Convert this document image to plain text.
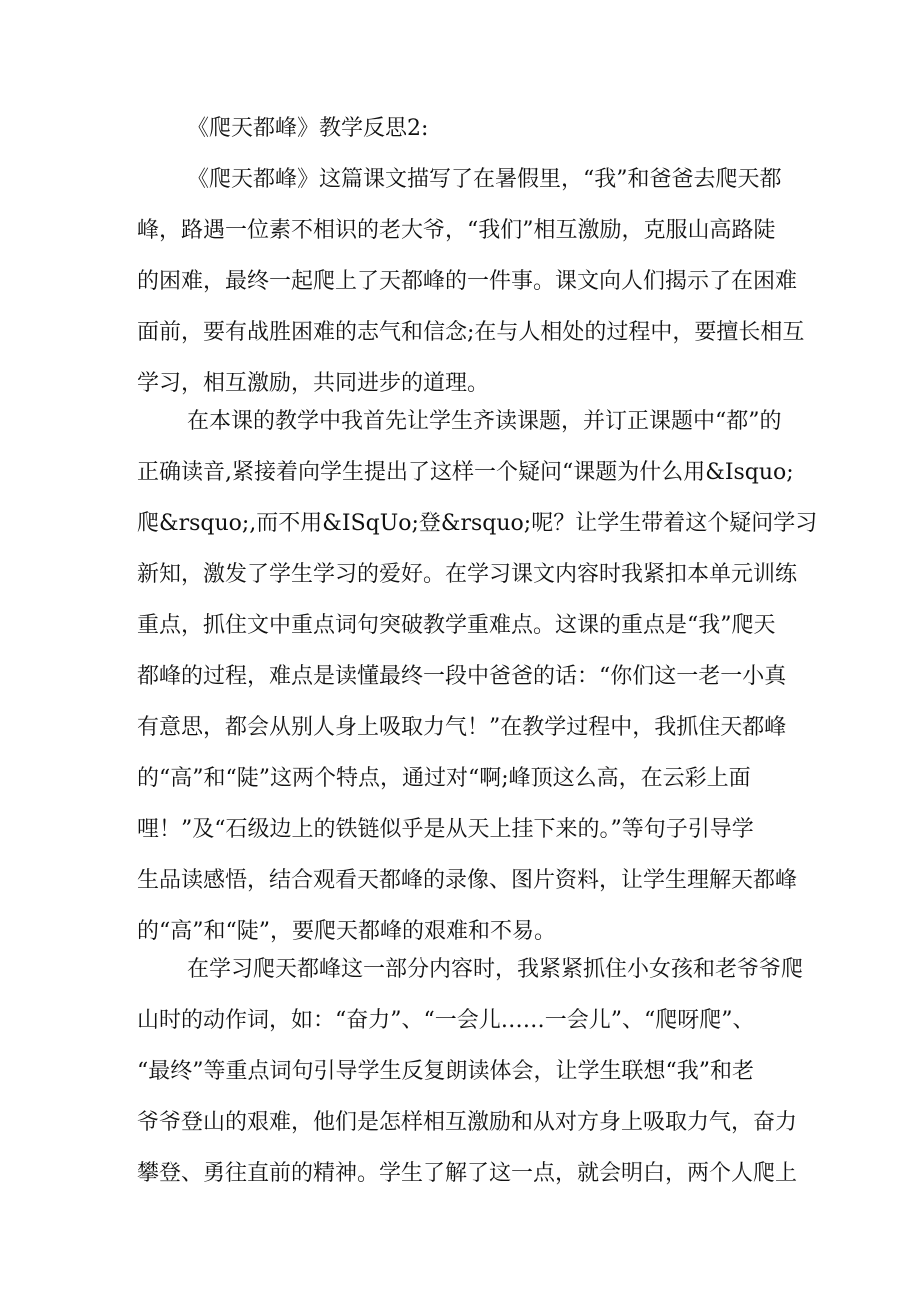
《爬天都峰》教学反思2:
《爬天都峰》这篇课文描写了在暑假里，“我”和爸爸去爬天都
峰，路遇一位素不相识的老大爷，“我们”相互激励，克服山高路陡
的困难，最终一起爬上了天都峰的一件事。课文向人们揭示了在困难
面前，要有战胜困难的志气和信念;在与人相处的过程中，要擅长相互
学习，相互激励，共同进步的道理。
在本课的教学中我首先让学生齐读课题，并订正课题中“都”的
正确读音,紧接着向学生提出了这样一个疑问“课题为什么用&Isquo;
爬&rsquo;,而不用&ISqUo;登&rsquo;呢？让学生带着这个疑问学习
新知，激发了学生学习的爱好。在学习课文内容时我紧扣本单元训练
重点，抓住文中重点词句突破教学重难点。这课的重点是“我”爬天
都峰的过程，难点是读懂最终一段中爸爸的话：“你们这一老一小真
有意思，都会从别人身上吸取力气！”在教学过程中，我抓住天都峰
的“高”和“陡”这两个特点，通过对“啊;峰顶这么高，在云彩上面
哩！”及“石级边上的铁链似乎是从天上挂下来的。”等句子引导学
生品读感悟，结合观看天都峰的录像、图片资料，让学生理解天都峰
的“高”和“陡”，要爬天都峰的艰难和不易。
在学习爬天都峰这一部分内容时，我紧紧抓住小女孩和老爷爷爬
山时的动作词，如：“奋力”、“一会儿……一会儿”、“爬呀爬”、
“最终”等重点词句引导学生反复朗读体会，让学生联想“我”和老
爷爷登山的艰难，他们是怎样相互激励和从对方身上吸取力气，奋力
攀登、勇往直前的精神。学生了解了这一点，就会明白，两个人爬上
